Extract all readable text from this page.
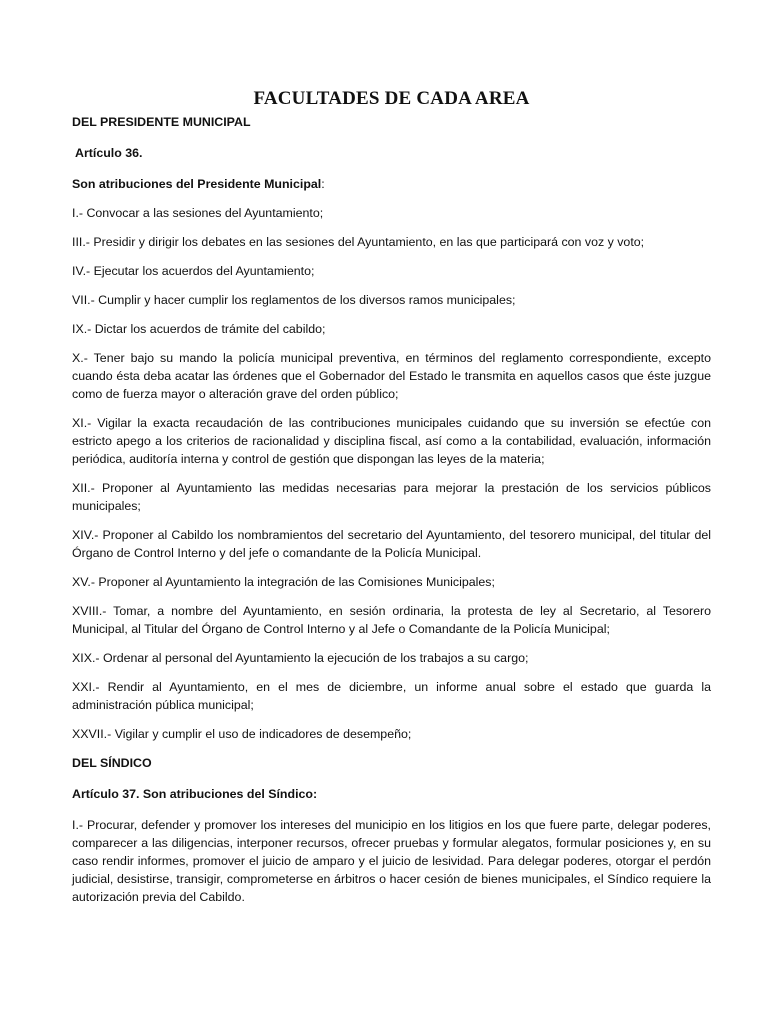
FACULTADES DE CADA AREA
DEL PRESIDENTE MUNICIPAL
Artículo 36.
Son atribuciones del Presidente Municipal:
I.- Convocar a las sesiones del Ayuntamiento;
III.- Presidir y dirigir los debates en las sesiones del Ayuntamiento, en las que participará con voz y voto;
IV.- Ejecutar los acuerdos del Ayuntamiento;
VII.- Cumplir y hacer cumplir los reglamentos de los diversos ramos municipales;
IX.- Dictar los acuerdos de trámite del cabildo;
X.- Tener bajo su mando la policía municipal preventiva, en términos del reglamento correspondiente, excepto cuando ésta deba acatar las órdenes que el Gobernador del Estado le transmita en aquellos casos que éste juzgue como de fuerza mayor o alteración grave del orden público;
XI.- Vigilar la exacta recaudación de las contribuciones municipales cuidando que su inversión se efectúe con estricto apego a los criterios de racionalidad y disciplina fiscal, así como a la contabilidad, evaluación, información periódica, auditoría interna y control de gestión que dispongan las leyes de la materia;
XII.- Proponer al Ayuntamiento las medidas necesarias para mejorar la prestación de los servicios públicos municipales;
XIV.- Proponer al Cabildo los nombramientos del secretario del Ayuntamiento, del tesorero municipal, del titular del Órgano de Control Interno y del jefe o comandante de la Policía Municipal.
XV.- Proponer al Ayuntamiento la integración de las Comisiones Municipales;
XVIII.- Tomar, a nombre del Ayuntamiento, en sesión ordinaria, la protesta de ley al Secretario, al Tesorero Municipal, al Titular del Órgano de Control Interno y al Jefe o Comandante de la Policía Municipal;
XIX.- Ordenar al personal del Ayuntamiento la ejecución de los trabajos a su cargo;
XXI.- Rendir al Ayuntamiento, en el mes de diciembre, un informe anual sobre el estado que guarda la administración pública municipal;
XXVII.- Vigilar y cumplir el uso de indicadores de desempeño;
DEL SÍNDICO
Artículo 37. Son atribuciones del Síndico:
I.- Procurar, defender y promover los intereses del municipio en los litigios en los que fuere parte, delegar poderes, comparecer a las diligencias, interponer recursos, ofrecer pruebas y formular alegatos, formular posiciones y, en su caso rendir informes, promover el juicio de amparo y el juicio de lesividad. Para delegar poderes, otorgar el perdón judicial, desistirse, transigir, comprometerse en árbitros o hacer cesión de bienes municipales, el Síndico requiere la autorización previa del Cabildo.
